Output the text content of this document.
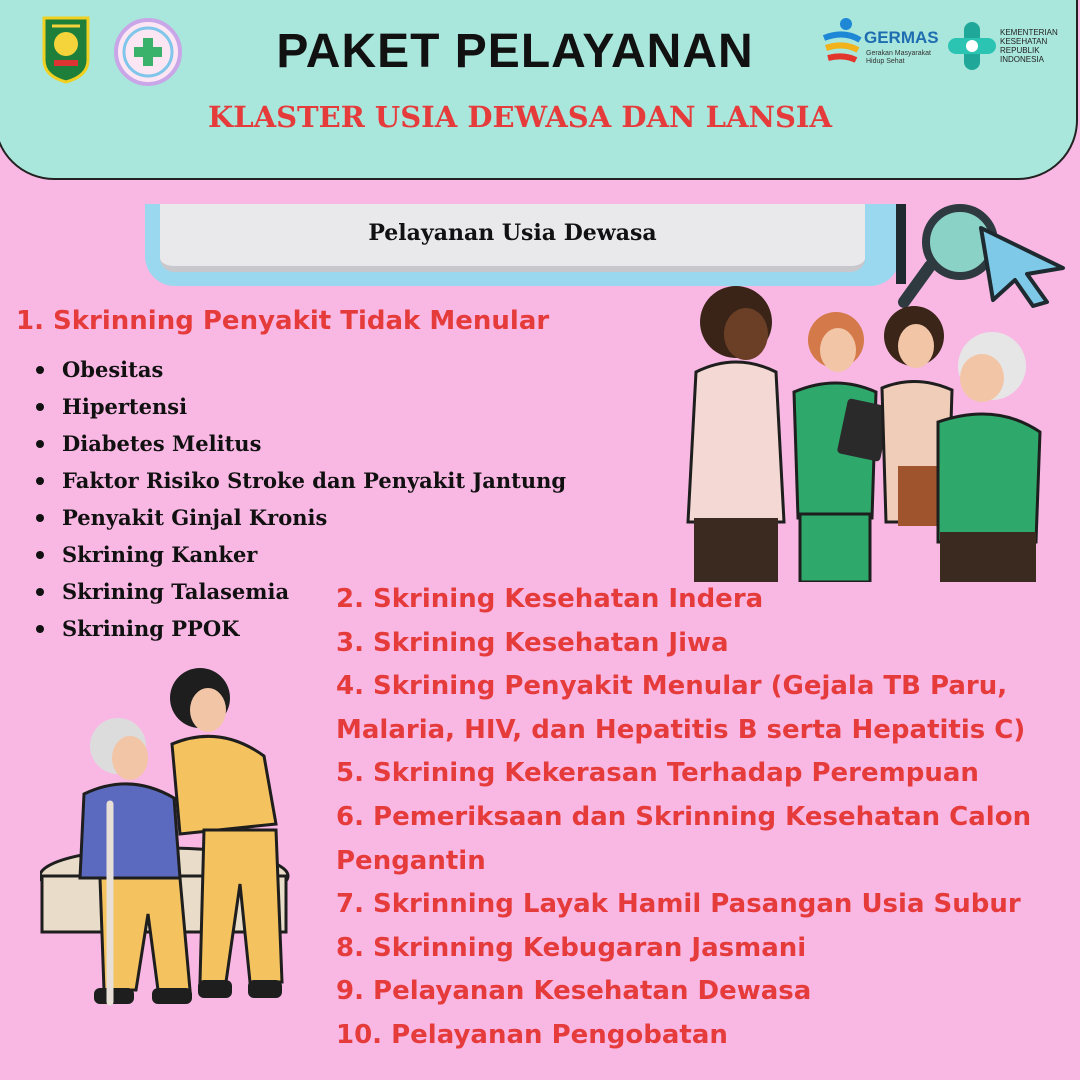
GERMAS
Gerakan Masyarakat Hidup Sehat
KEMENTERIAN
KESEHATAN
REPUBLIK
INDONESIA
PAKET PELAYANAN
KLASTER USIA DEWASA DAN LANSIA
Pelayanan Usia Dewasa
1. Skrinning Penyakit Tidak Menular
Obesitas
Hipertensi
Diabetes Melitus
Faktor Risiko Stroke dan Penyakit Jantung
Penyakit Ginjal Kronis
Skrining Kanker
Skrining Talasemia
Skrining PPOK
2. Skrining Kesehatan Indera
3. Skrining Kesehatan Jiwa
4. Skrining Penyakit Menular (Gejala TB Paru,
Malaria, HIV, dan Hepatitis B serta Hepatitis C)
5. Skrining Kekerasan Terhadap Perempuan
6. Pemeriksaan dan Skrinning Kesehatan Calon
Pengantin
7. Skrinning Layak Hamil Pasangan Usia Subur
8. Skrinning Kebugaran Jasmani
9. Pelayanan Kesehatan Dewasa
10. Pelayanan Pengobatan
